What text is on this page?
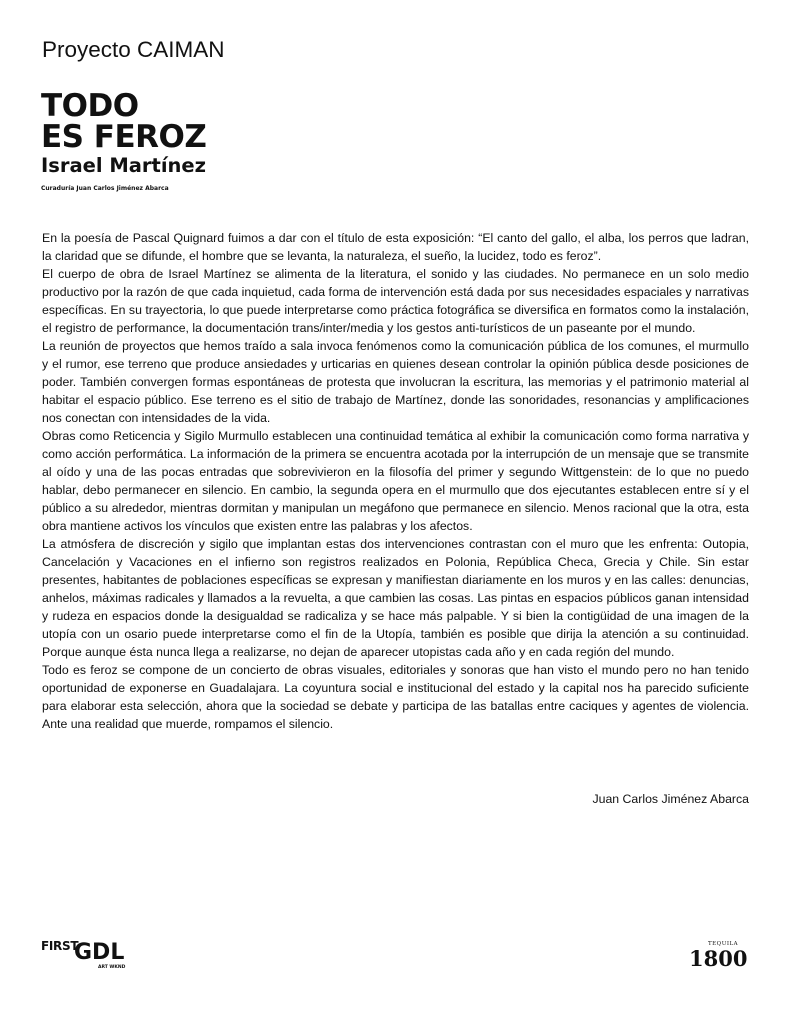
Proyecto CAIMAN
TODO
ES FEROZ
Israel Martínez
Curaduría Juan Carlos Jiménez Abarca

En la poesía de Pascal Quignard fuimos a dar con el título de esta exposición: “El canto del gallo, el alba, los perros que ladran, la claridad que se difunde, el hombre que se levanta, la naturaleza, el sueño, la lucidez, todo es feroz”.

El cuerpo de obra de Israel Martínez se alimenta de la literatura, el sonido y las ciudades. No permanece en un solo medio productivo por la razón de que cada inquietud, cada forma de intervención está dada por sus necesidades espaciales y narrativas específicas. En su trayectoria, lo que puede interpretarse como práctica fotográfica se diversifica en formatos como la instalación, el registro de performance, la documentación trans/inter/media y los gestos anti-turísticos de un paseante por el mundo.

La reunión de proyectos que hemos traído a sala invoca fenómenos como la comunicación pública de los comunes, el murmullo y el rumor, ese terreno que produce ansiedades y urticarias en quienes desean controlar la opinión pública desde posiciones de poder. También convergen formas espontáneas de protesta que involucran la escritura, las memorias y el patrimonio material al habitar el espacio público. Ese terreno es el sitio de trabajo de Martínez, donde las sonoridades, resonancias y amplificaciones nos conectan con intensidades de la vida.

Obras como Reticencia y Sigilo Murmullo establecen una continuidad temática al exhibir la comunicación como forma narrativa y como acción performática. La información de la primera se encuentra acotada por la interrupción de un mensaje que se transmite al oído y una de las pocas entradas que sobrevivieron en la filosofía del primer y segundo Wittgenstein: de lo que no puedo hablar, debo permanecer en silencio. En cambio, la segunda opera en el murmullo que dos ejecutantes establecen entre sí y el público a su alrededor, mientras dormitan y manipulan un megáfono que permanece en silencio. Menos racional que la otra, esta obra mantiene activos los vínculos que existen entre las palabras y los afectos.

La atmósfera de discreción y sigilo que implantan estas dos intervenciones contrastan con el muro que les enfrenta: Outopia, Cancelación y Vacaciones en el infierno son registros realizados en Polonia, República Checa, Grecia y Chile. Sin estar presentes, habitantes de poblaciones específicas se expresan y manifiestan diariamente en los muros y en las calles: denuncias, anhelos, máximas radicales y llamados a la revuelta, a que cambien las cosas. Las pintas en espacios públicos ganan intensidad y rudeza en espacios donde la desigualdad se radicaliza y se hace más palpable. Y si bien la contigüidad de una imagen de la utopía con un osario puede interpretarse como el fin de la Utopía, también es posible que dirija la atención a su continuidad. Porque aunque ésta nunca llega a realizarse, no dejan de aparecer utopistas cada año y en cada región del mundo.

Todo es feroz se compone de un concierto de obras visuales, editoriales y sonoras que han visto el mundo pero no han tenido oportunidad de exponerse en Guadalajara. La coyuntura social e institucional del estado y la capital nos ha parecido suficiente para elaborar esta selección, ahora que la sociedad se debate y participa de las batallas entre caciques y agentes de violencia. Ante una realidad que muerde, rompamos el silencio.

Juan Carlos Jiménez Abarca

FIRST
GDL
ART WKND
TEQUILA
1800
